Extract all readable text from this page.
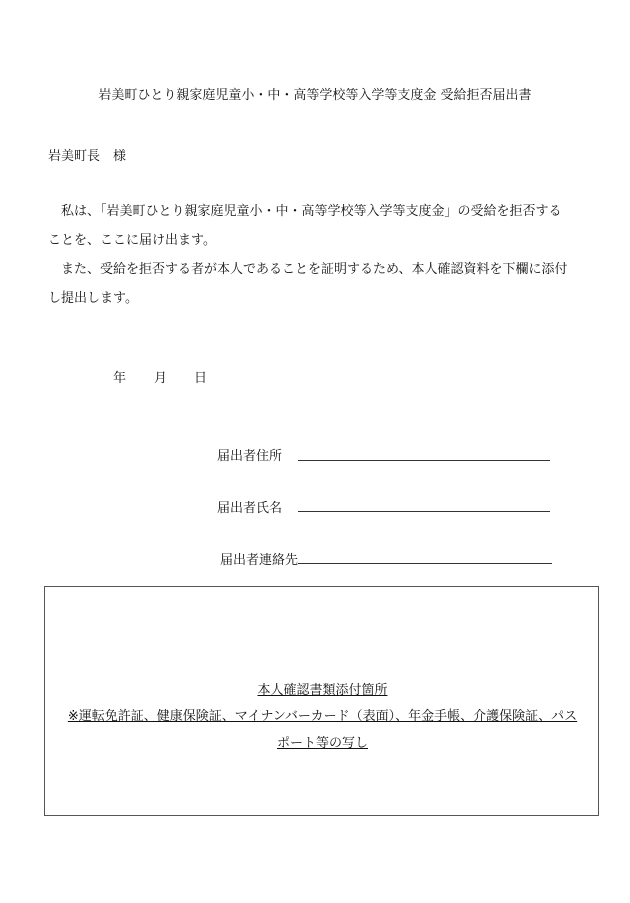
岩美町ひとり親家庭児童小・中・高等学校等入学等支度金 受給拒否届出書
岩美町長　様
私は、「岩美町ひとり親家庭児童小・中・高等学校等入学等支度金」の受給を拒否する
ことを、ここに届け出ます。
また、受給を拒否する者が本人であることを証明するため、本人確認資料を下欄に添付
し提出します。
年 月 日
届出者住所
届出者氏名
届出者連絡先
本人確認書類添付箇所
※運転免許証、健康保険証、マイナンバーカード（表面）、年金手帳、介護保険証、パス
ポート等の写し
